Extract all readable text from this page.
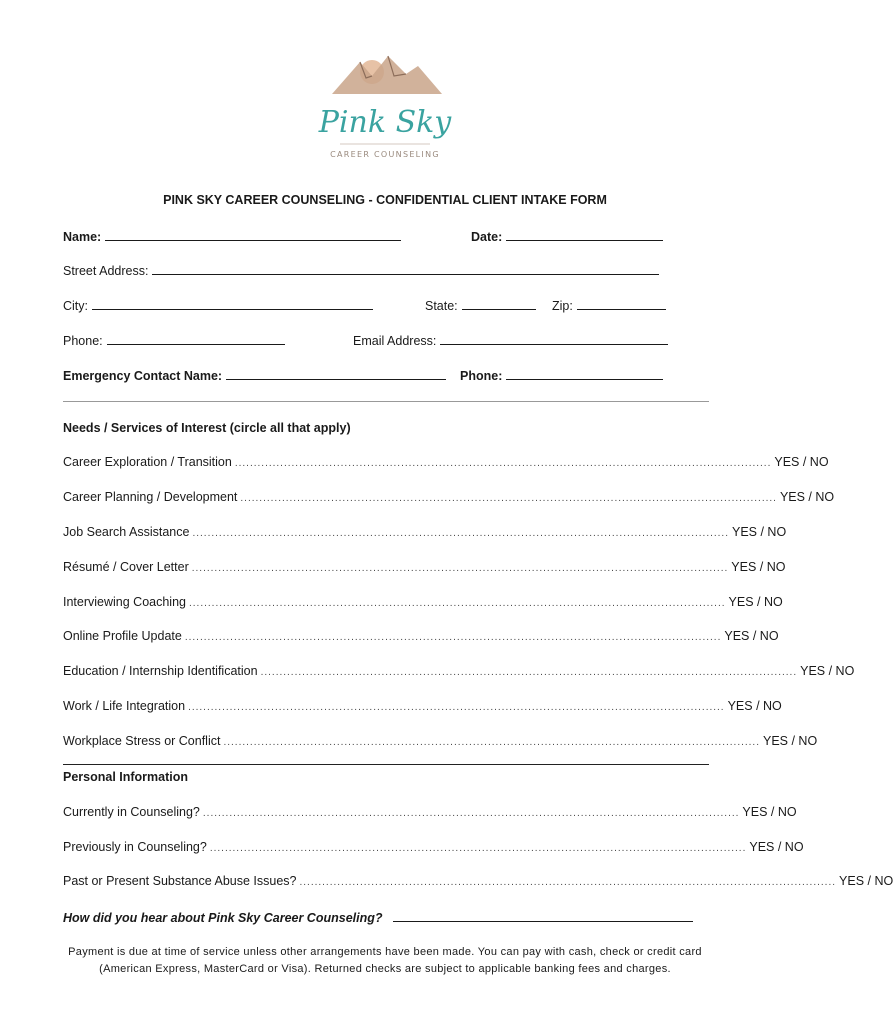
Pink Sky
CAREER COUNSELING
PINK SKY CAREER COUNSELING - CONFIDENTIAL CLIENT INTAKE FORM
Name:	Date:
Street Address:
City:	State:	Zip:
Phone:	Email Address:
Emergency Contact Name:	Phone:
Needs / Services of Interest (circle all that apply)
Career Exploration / Transition .............................................................................................................................................. YES / NO
Career Planning / Development .............................................................................................................................................. YES / NO
Job Search Assistance .............................................................................................................................................. YES / NO
Résumé / Cover Letter .............................................................................................................................................. YES / NO
Interviewing Coaching .............................................................................................................................................. YES / NO
Online Profile Update .............................................................................................................................................. YES / NO
Education / Internship Identification .............................................................................................................................................. YES / NO
Work / Life Integration .............................................................................................................................................. YES / NO
Workplace Stress or Conflict .............................................................................................................................................. YES / NO
Personal Information
Currently in Counseling? .............................................................................................................................................. YES / NO
Previously in Counseling? .............................................................................................................................................. YES / NO
Past or Present Substance Abuse Issues? .............................................................................................................................................. YES / NO
How did you hear about Pink Sky Career Counseling?
Payment is due at time of service unless other arrangements have been made. You can pay with cash, check or credit card
(American Express, MasterCard or Visa). Returned checks are subject to applicable banking fees and charges.
